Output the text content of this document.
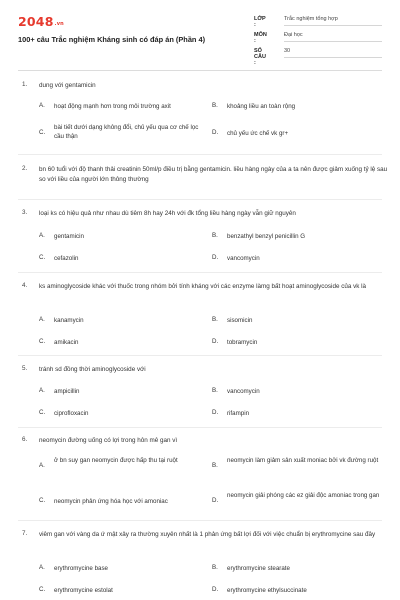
2048.vn
100+ câu Trắc nghiệm Kháng sinh có đáp án (Phần 4)
LỚP :
Trắc nghiệm tổng hợp
MÔN :
Đại học
SỐ CÂU :
30
1. dung với gentamicin
A. hoạt động mạnh hơn trong môi trường axit	B. khoảng liều an toàn rộng
C.
bài tiết dưới dạng không đổi, chủ yếu qua cơ chế lọc cầu thận
D. chủ yếu ức chế vk gr+
2. bn 60 tuổi với độ thanh thải creatinin 50ml/p điều trị bằng gentamicin. liều hàng ngày của a ta nên được giảm xuống tỷ lệ sau so với liều của người lớn thông thường
3. loại ks có hiệu quả như nhau dù tiêm 8h hay 24h với đk tổng liều hàng ngày vẫn giữ nguyên
A. gentamicin	B. benzathyl benzyl penicillin G
C. cefazolin	D. vancomycin
4. ks aminoglycoside khác với thuốc trong nhóm bởi tính kháng với các enzyme làmg bất hoạt aminoglycoside của vk là
A. kanamycin	B. sisomicin
C. amikacin	D. tobramycin
5. tránh sd đồng thời aminoglycoside với
A. ampicillin	B. vancomycin
C. ciprofloxacin	D. rifampin
6. neomycin đường uống có lợi trong hôn mê gan vì
A.
ở bn suy gan neomycin được hấp thu tại ruột
B.
neomycin làm giảm sản xuất moniac bởi vk đường ruột
C. neomycin phản ứng hóa học với amoniac	D.
neomycin giải phóng các ez giải độc amoniac trong gan
7. viêm gan với vàng da ứ mật xảy ra thường xuyên nhất là 1 phản ứng bất lợi đối với việc chuẩn bị erythromycine sau đây
A. erythromycine base	B. erythromycine stearate
C. erythromycine estolat	D. erythromycine ethylsuccinate
